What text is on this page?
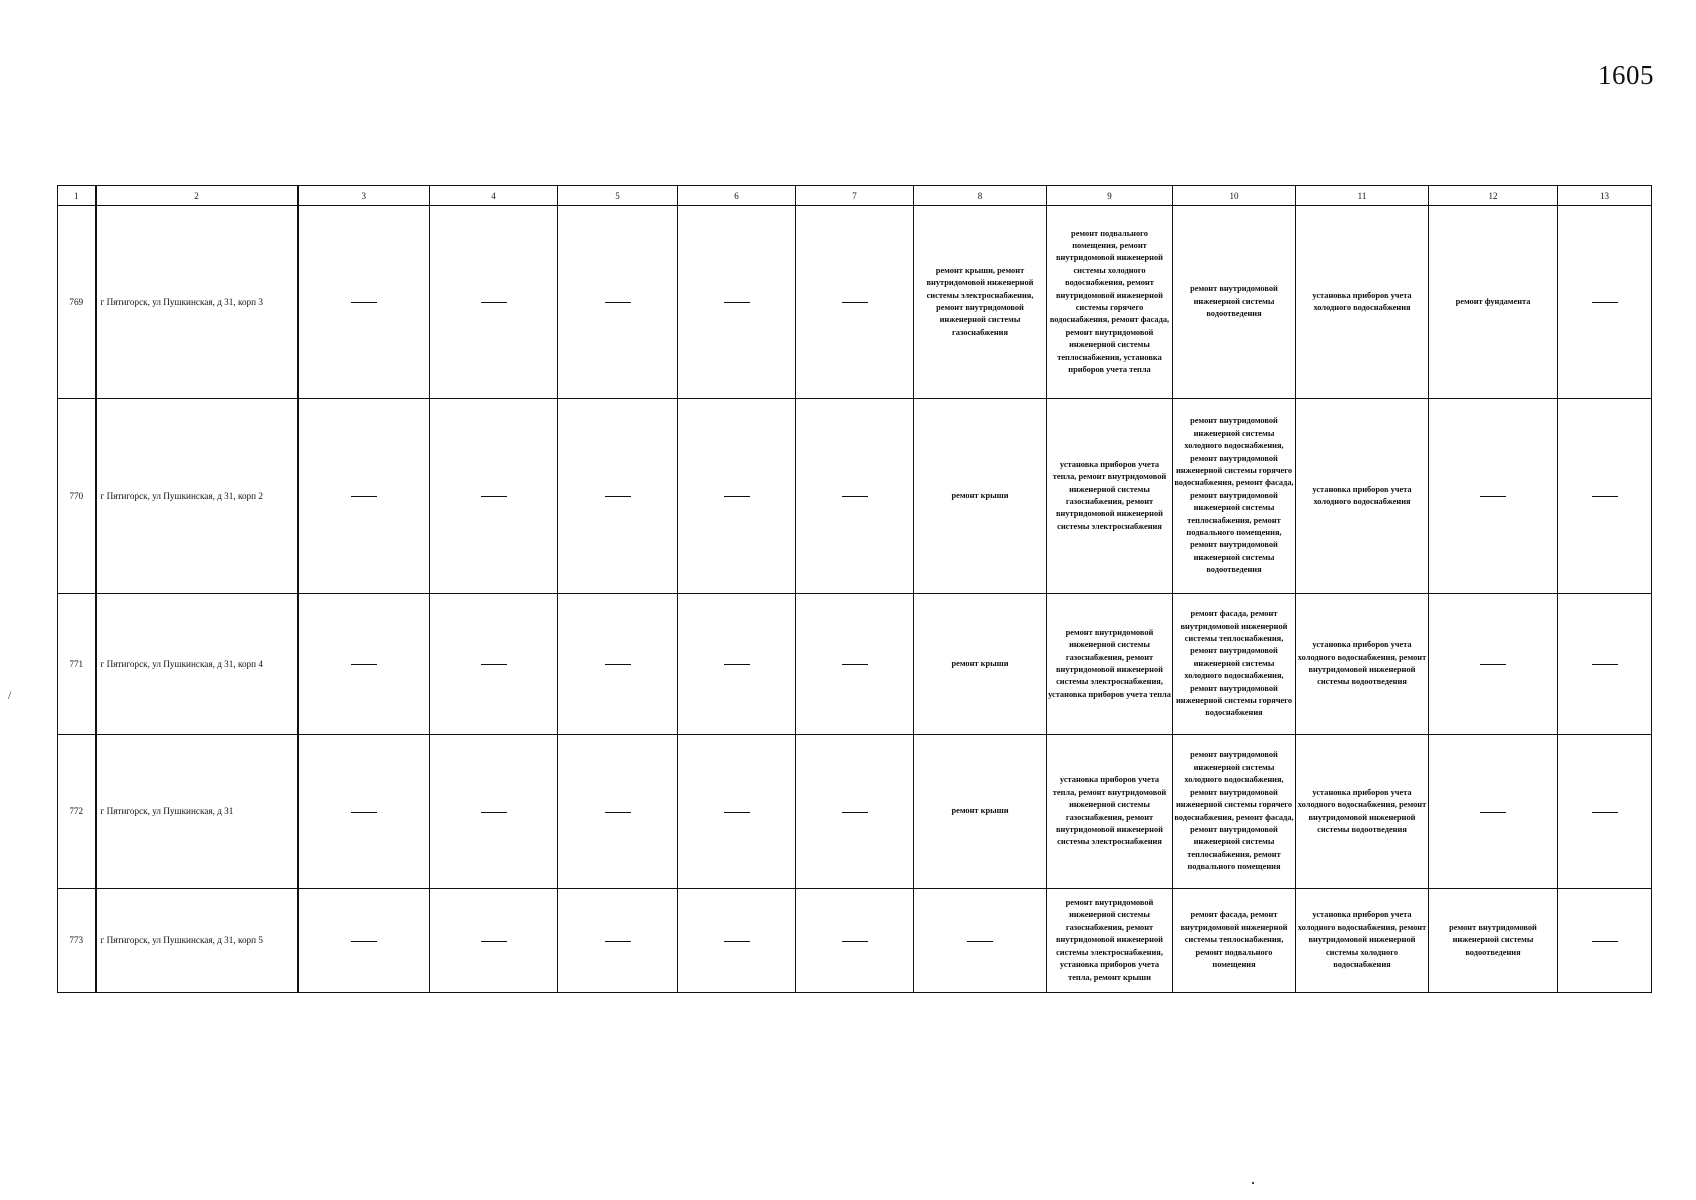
1605
/
1	2	3	4	5	6	7	8	9	10	11	12	13
769	г Пятигорск, ул Пушкинская, д 31, корп 3						ремонт крыши, ремонт внутридомовой инженерной системы электроснабжения, ремонт внутридомовой инженерной системы газоснабжения	ремонт подвального помещения, ремонт внутридомовой инженерной системы холодного водоснабжения, ремонт внутридомовой инженерной системы горячего водоснабжения, ремонт фасада, ремонт внутридомовой инженерной системы теплоснабжения, установка приборов учета тепла	ремонт внутридомовой инженерной системы водоотведения	установка приборов учета холодного водоснабжения	ремонт фундамента	
770	г Пятигорск, ул Пушкинская, д 31, корп 2						ремонт крыши	установка приборов учета тепла, ремонт внутридомовой инженерной системы газоснабжения, ремонт внутридомовой инженерной системы электроснабжения	ремонт внутридомовой инженерной системы холодного водоснабжения, ремонт внутридомовой инженерной системы горячего водоснабжения, ремонт фасада, ремонт внутридомовой инженерной системы теплоснабжения, ремонт подвального помещения, ремонт внутридомовой инженерной системы водоотведения	установка приборов учета холодного водоснабжения		
771	г Пятигорск, ул Пушкинская, д 31, корп 4						ремонт крыши	ремонт внутридомовой инженерной системы газоснабжения, ремонт внутридомовой инженерной системы электроснабжения, установка приборов учета тепла	ремонт фасада, ремонт внутридомовой инженерной системы теплоснабжения, ремонт внутридомовой инженерной системы холодного водоснабжения, ремонт внутридомовой инженерной системы горячего водоснабжения	установка приборов учета холодного водоснабжения, ремонт внутридомовой инженерной системы водоотведения		
772	г Пятигорск, ул Пушкинская, д 31						ремонт крыши	установка приборов учета тепла, ремонт внутридомовой инженерной системы газоснабжения, ремонт внутридомовой инженерной системы электроснабжения	ремонт внутридомовой инженерной системы холодного водоснабжения, ремонт внутридомовой инженерной системы горячего водоснабжения, ремонт фасада, ремонт внутридомовой инженерной системы теплоснабжения, ремонт подвального помещения	установка приборов учета холодного водоснабжения, ремонт внутридомовой инженерной системы водоотведения		
773	г Пятигорск, ул Пушкинская, д 31, корп 5							ремонт внутридомовой инженерной системы газоснабжения, ремонт внутридомовой инженерной системы электроснабжения, установка приборов учета тепла, ремонт крыши	ремонт фасада, ремонт внутридомовой инженерной системы теплоснабжения, ремонт подвального помещения	установка приборов учета холодного водоснабжения, ремонт внутридомовой инженерной системы холодного водоснабжения	ремонт внутридомовой инженерной системы водоотведения	
